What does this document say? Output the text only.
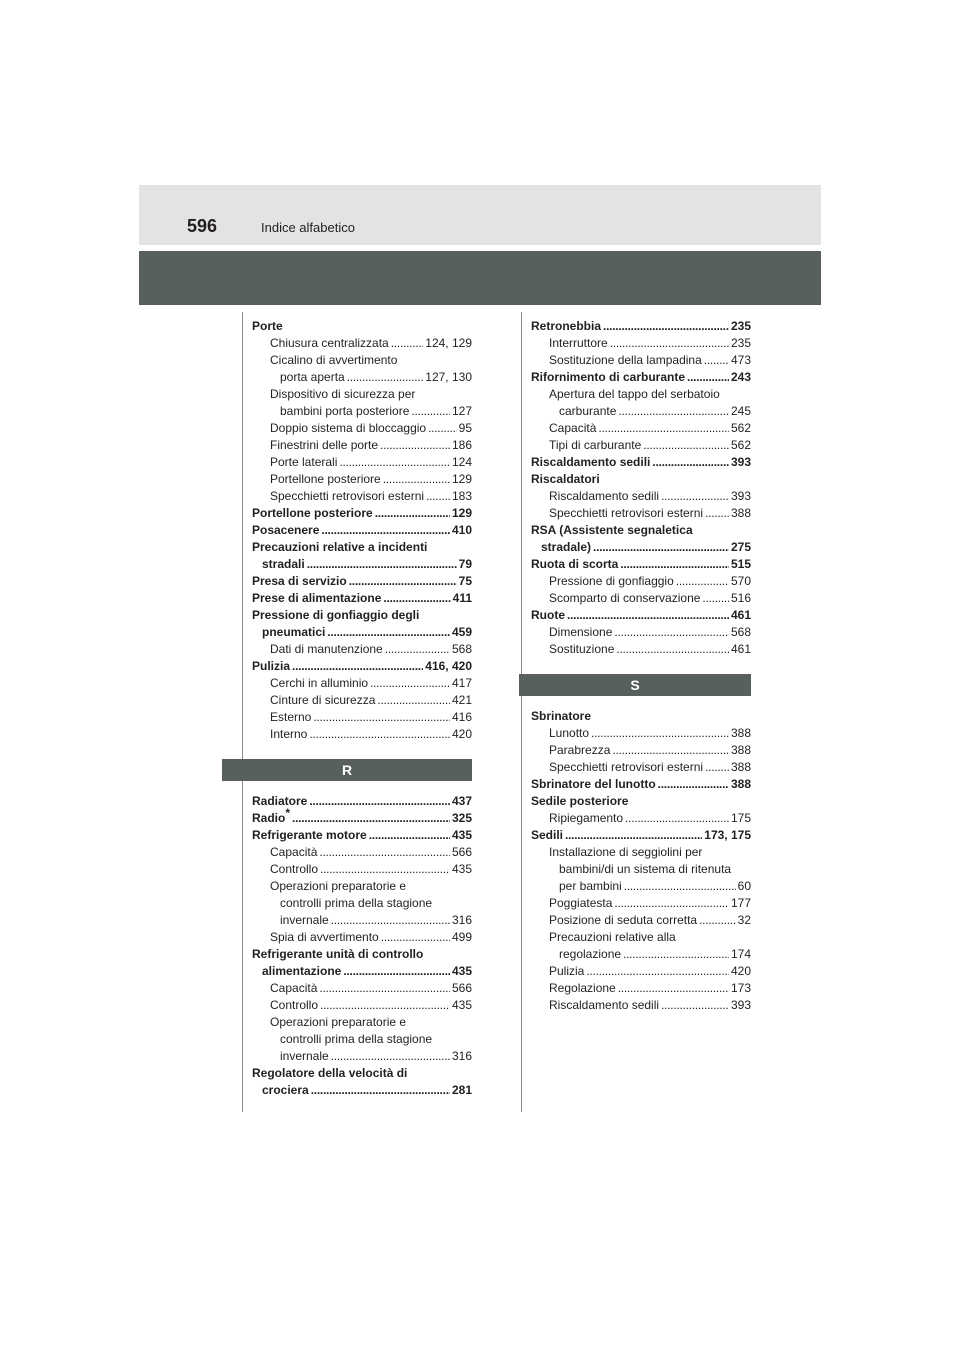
596	Indice alfabetico
Porte
Chiusura centralizzata . . .	124, 129
Cicalino di avvertimento
porta aperta . . .	127, 130
Dispositivo di sicurezza per
bambini porta posteriore . . .	127
Doppio sistema di bloccaggio . . .	95
Finestrini delle porte . . .	186
Porte laterali . . .	124
Portellone posteriore . . .	129
Specchietti retrovisori esterni . . . 183
Portellone posteriore . . .	129
Posacenere . . .	410
Precauzioni relative a incidenti
stradali . . .	79
Presa di servizio . . .	75
Prese di alimentazione . . .	411
Pressione di gonfiaggio degli
pneumatici . . .	459
Dati di manutenzione . . .	568
Pulizia . . .	416, 420
Cerchi in alluminio . . .	417
Cinture di sicurezza . . .	421
Esterno . . .	416
Interno . . .	420
R
Radiatore . . .	437
Radio* . . .	325
Refrigerante motore . . .	435
Capacità . . .	566
Controllo . . .	435
Operazioni preparatorie e
controlli prima della stagione
invernale . . .	316
Spia di avvertimento . . .	499
Refrigerante unità di controllo
alimentazione . . .	435
Capacità . . .	566
Controllo . . .	435
Operazioni preparatorie e
controlli prima della stagione
invernale . . .	316
Regolatore della velocità di
crociera . . .	281
Retronebbia . . .	235
Interruttore . . .	235
Sostituzione della lampadina . . . 473
Rifornimento di carburante . . .	243
Apertura del tappo del serbatoio
carburante . . .	245
Capacità . . .	562
Tipi di carburante . . .	562
Riscaldamento sedili . . .	393
Riscaldatori
Riscaldamento sedili . . .	393
Specchietti retrovisori esterni . . . 388
RSA (Assistente segnaletica
stradale) . . .	275
Ruota di scorta . . .	515
Pressione di gonfiaggio . . .	570
Scomparto di conservazione . . .	516
Ruote . . .	461
Dimensione . . .	568
Sostituzione . . .	461
S
Sbrinatore
Lunotto . . .	388
Parabrezza . . .	388
Specchietti retrovisori esterni . . . 388
Sbrinatore del lunotto . . .	388
Sedile posteriore
Ripiegamento . . .	175
Sedili . . .	173, 175
Installazione di seggiolini per
bambini/di un sistema di ritenuta
per bambini . . .	60
Poggiatesta . . .	177
Posizione di seduta corretta . . .	32
Precauzioni relative alla
regolazione . . .	174
Pulizia . . .	420
Regolazione . . .	173
Riscaldamento sedili . . .	393
